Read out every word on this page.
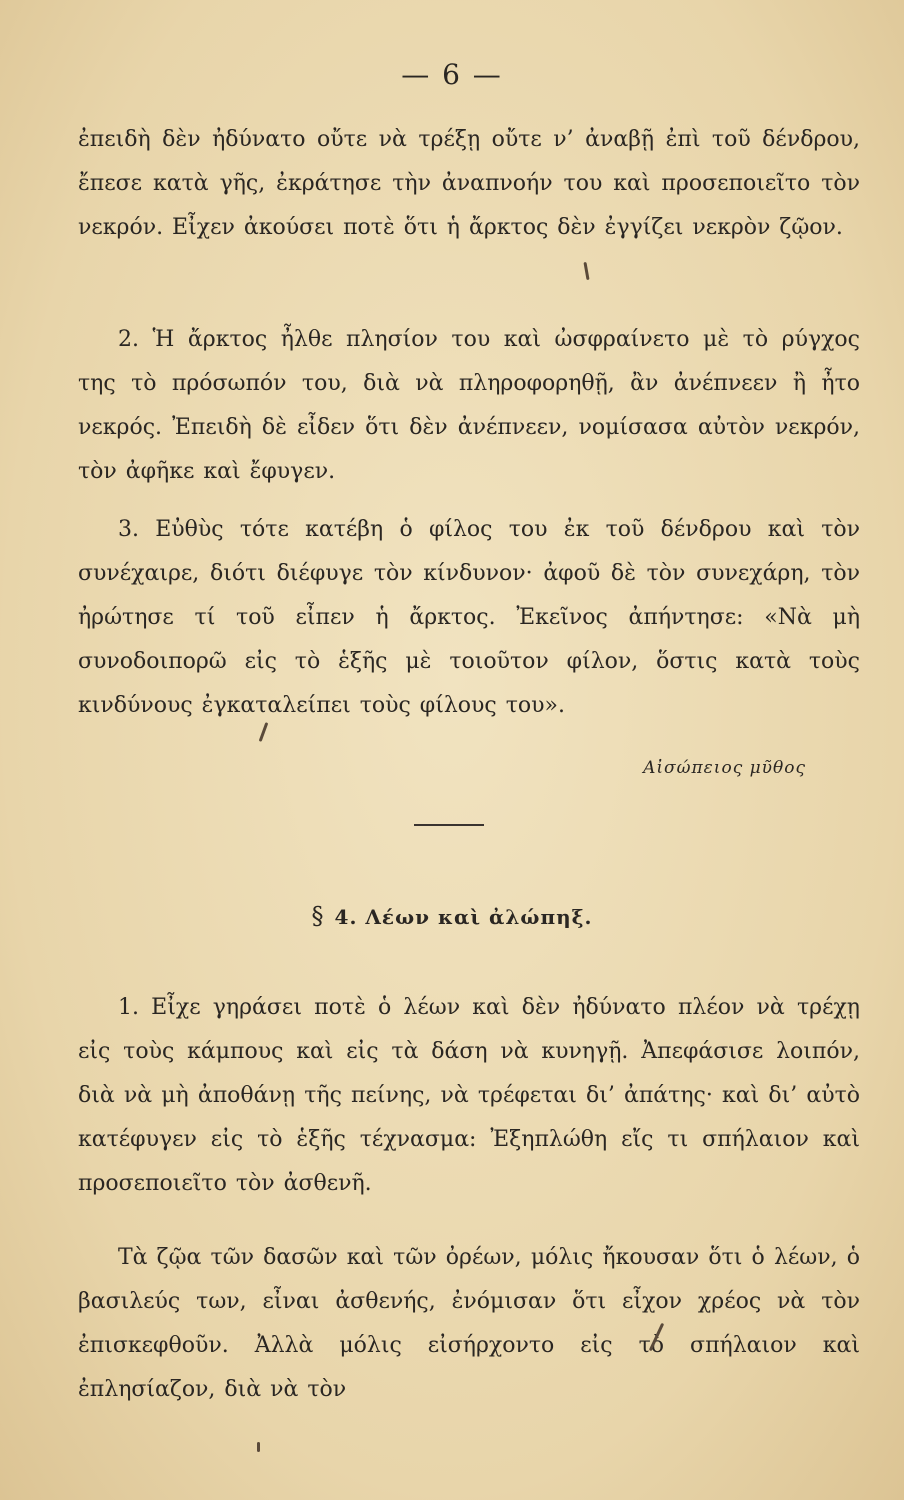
— 6 —

ἐπειδὴ δὲν ἠδύνατο οὔτε νὰ τρέξῃ οὔτε ν’ ἀναβῇ ἐπὶ τοῦ δένδρου, ἔπεσε κατὰ γῆς, ἐκράτησε τὴν ἀναπνοήν του καὶ προσεποιεῖτο τὸν νεκρόν. Εἶχεν ἀκούσει ποτὲ ὅτι ἡ ἄρκτος δὲν ἐγγίζει νεκρὸν ζῷον.

2. Ἡ ἄρκτος ἦλθε πλησίον του καὶ ὠσφραίνετο μὲ τὸ ρύγχος της τὸ πρόσωπόν του, διὰ νὰ πληροφορηθῇ, ἂν ἀνέπνεεν ἢ ἦτο νεκρός. Ἐπειδὴ δὲ εἶδεν ὅτι δὲν ἀνέπνεεν, νομίσασα αὐτὸν νεκρόν, τὸν ἀφῆκε καὶ ἔφυγεν.

3. Εὐθὺς τότε κατέβη ὁ φίλος του ἐκ τοῦ δένδρου καὶ τὸν συνέχαιρε, διότι διέφυγε τὸν κίνδυνον· ἀφοῦ δὲ τὸν συνεχάρη, τὸν ἠρώτησε τί τοῦ εἶπεν ἡ ἄρκτος. Ἐκεῖνος ἀπήντησε: «Νὰ μὴ συνοδοιπορῶ εἰς τὸ ἑξῆς μὲ τοιοῦτον φίλον, ὅστις κατὰ τοὺς κινδύνους ἐγκαταλείπει τοὺς φίλους του».

Αἰσώπειος μῦθος
§ 4. Λέων καὶ ἀλώπηξ.

1. Εἶχε γηράσει ποτὲ ὁ λέων καὶ δὲν ἠδύνατο πλέον νὰ τρέχῃ εἰς τοὺς κάμπους καὶ εἰς τὰ δάση νὰ κυνηγῇ. Ἀπεφάσισε λοιπόν, διὰ νὰ μὴ ἀποθάνῃ τῆς πείνης, νὰ τρέφεται δι’ ἀπάτης· καὶ δι’ αὐτὸ κατέφυγεν εἰς τὸ ἑξῆς τέχνασμα: Ἐξηπλώθη εἴς τι σπήλαιον καὶ προσεποιεῖτο τὸν ἀσθενῆ.

Τὰ ζῷα τῶν δασῶν καὶ τῶν ὀρέων, μόλις ἤκουσαν ὅτι ὁ λέων, ὁ βασιλεύς των, εἶναι ἀσθενής, ἐνόμισαν ὅτι εἶχον χρέος νὰ τὸν ἐπισκεφθοῦν. Ἀλλὰ μόλις εἰσήρχοντο εἰς τὸ σπήλαιον καὶ ἐπλησίαζον, διὰ νὰ τὸν
